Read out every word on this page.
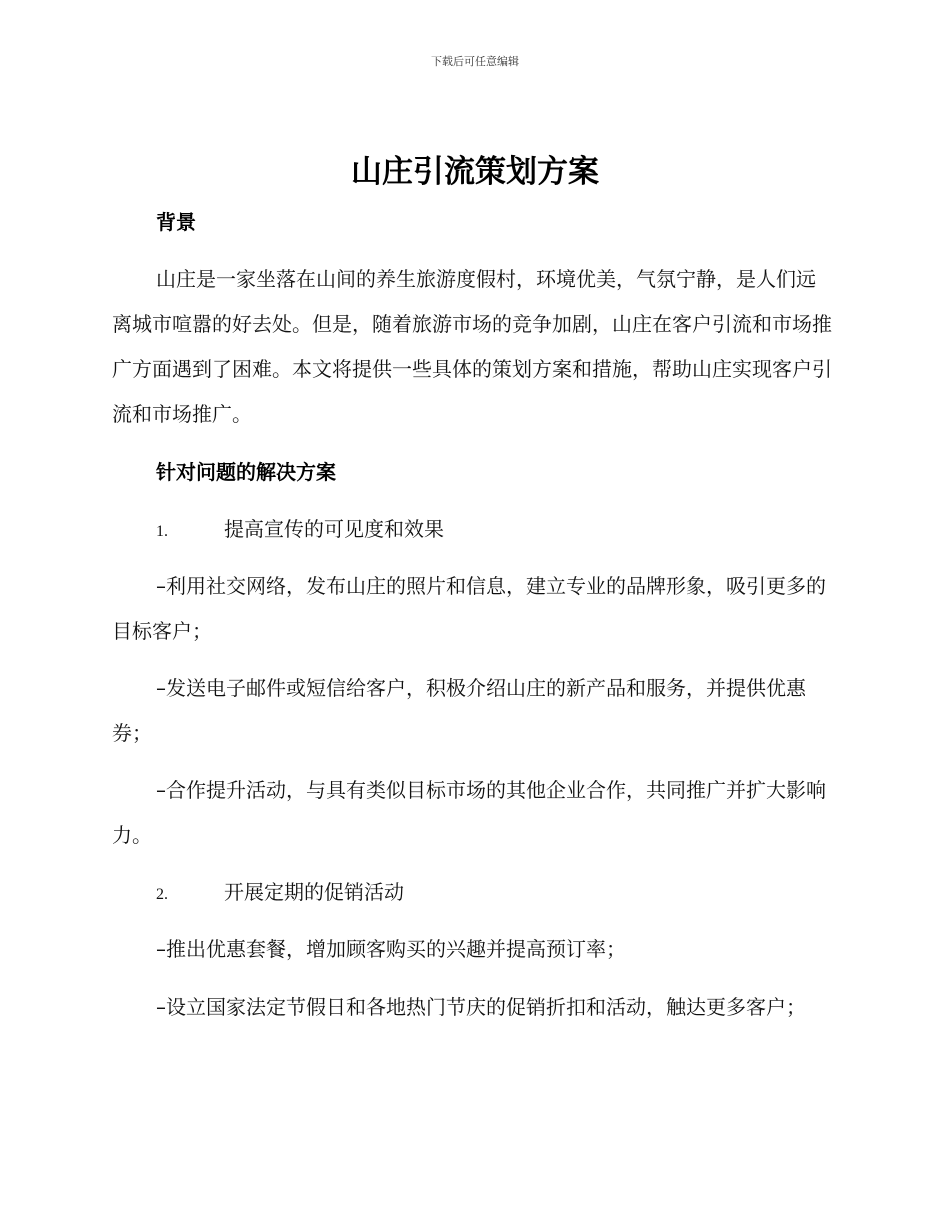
下载后可任意编辑
山庄引流策划方案
背景

山庄是一家坐落在山间的养生旅游度假村，环境优美，气氛宁静，是人们远离城市喧嚣的好去处。但是，随着旅游市场的竞争加剧，山庄在客户引流和市场推广方面遇到了困难。本文将提供一些具体的策划方案和措施，帮助山庄实现客户引流和市场推广。

针对问题的解决方案
1.	提高宣传的可见度和效果

–利用社交网络，发布山庄的照片和信息，建立专业的品牌形象，吸引更多的目标客户；

–发送电子邮件或短信给客户，积极介绍山庄的新产品和服务，并提供优惠券；

–合作提升活动，与具有类似目标市场的其他企业合作，共同推广并扩大影响力。

2.	开展定期的促销活动

–推出优惠套餐，增加顾客购买的兴趣并提高预订率；

–设立国家法定节假日和各地热门节庆的促销折扣和活动，触达更多客户；
